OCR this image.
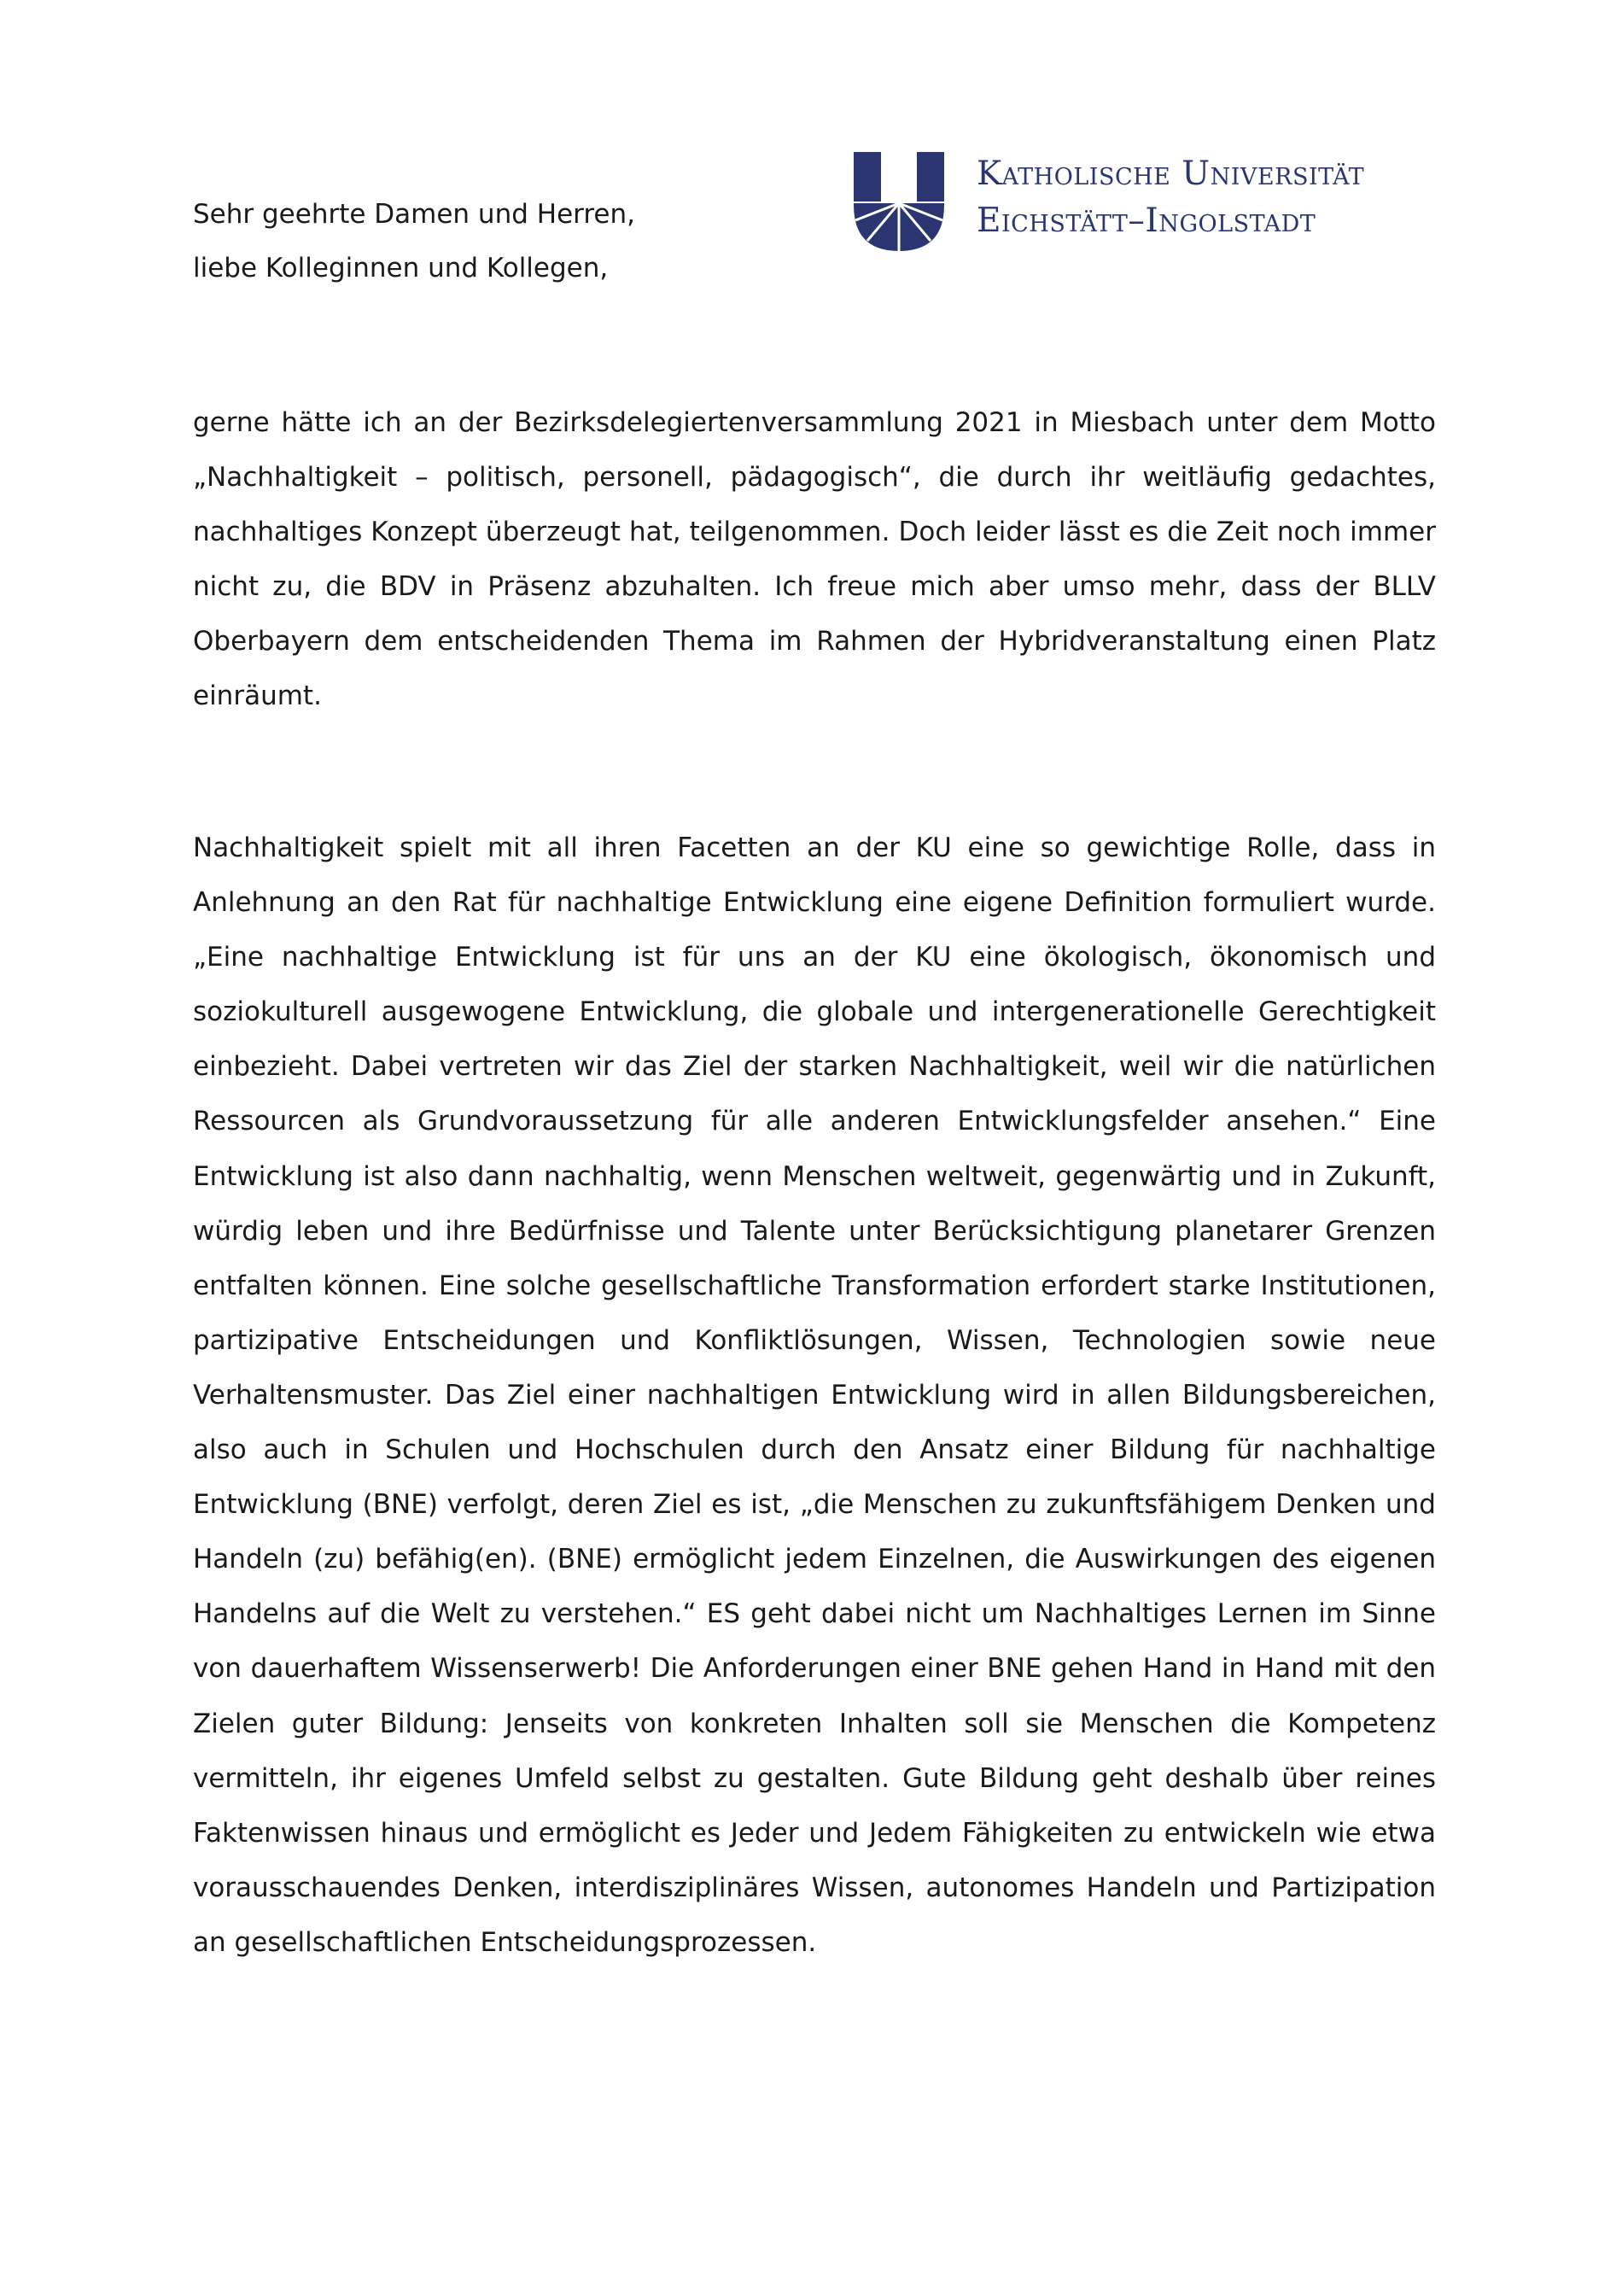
Katholische Universität
Eichstätt–Ingolstadt
Sehr geehrte Damen und Herren,
liebe Kolleginnen und Kollegen,

gerne hätte ich an der Bezirksdelegiertenversammlung 2021 in Miesbach unter dem Motto „Nachhaltigkeit – politisch, personell, pädagogisch“, die durch ihr weitläufig gedachtes, nachhaltiges Konzept überzeugt hat, teilgenommen. Doch leider lässt es die Zeit noch immer nicht zu, die BDV in Präsenz abzuhalten. Ich freue mich aber umso mehr, dass der BLLV Oberbayern dem entscheidenden Thema im Rahmen der Hybridveranstaltung einen Platz einräumt.

Nachhaltigkeit spielt mit all ihren Facetten an der KU eine so gewichtige Rolle, dass in Anlehnung an den Rat für nachhaltige Entwicklung eine eigene Definition formuliert wurde. „Eine nachhaltige Entwicklung ist für uns an der KU eine ökologisch, ökonomisch und soziokulturell ausgewogene Entwicklung, die globale und intergenerationelle Gerechtigkeit einbezieht. Dabei vertreten wir das Ziel der starken Nachhaltigkeit, weil wir die natürlichen Ressourcen als Grundvoraussetzung für alle anderen Entwicklungsfelder ansehen.“ Eine Entwicklung ist also dann nachhaltig, wenn Menschen weltweit, gegenwärtig und in Zukunft, würdig leben und ihre Bedürfnisse und Talente unter Berücksichtigung planetarer Grenzen entfalten können. Eine solche gesellschaftliche Transformation erfordert starke Institutionen, partizipative Entscheidungen und Konfliktlösungen, Wissen, Technologien sowie neue Verhaltensmuster. Das Ziel einer nachhaltigen Entwicklung wird in allen Bildungsbereichen, also auch in Schulen und Hochschulen durch den Ansatz einer Bildung für nachhaltige Entwicklung (BNE) verfolgt, deren Ziel es ist, „die Menschen zu zukunftsfähigem Denken und Handeln (zu) befähig(en). (BNE) ermöglicht jedem Einzelnen, die Auswirkungen des eigenen Handelns auf die Welt zu verstehen.“ ES geht dabei nicht um Nachhaltiges Lernen im Sinne von dauerhaftem Wissenserwerb! Die Anforderungen einer BNE gehen Hand in Hand mit den Zielen guter Bildung: Jenseits von konkreten Inhalten soll sie Menschen die Kompetenz vermitteln, ihr eigenes Umfeld selbst zu gestalten. Gute Bildung geht deshalb über reines Faktenwissen hinaus und ermöglicht es Jeder und Jedem Fähigkeiten zu entwickeln wie etwa vorausschauendes Denken, interdisziplinäres Wissen, autonomes Handeln und Partizipation an gesellschaftlichen Entscheidungsprozessen.
